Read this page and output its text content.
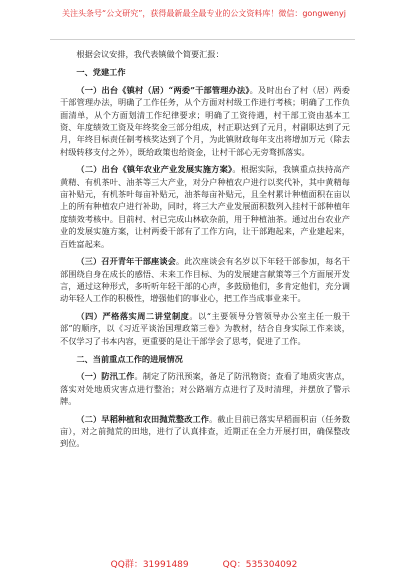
关注头条号“公文研究”，获得最新最全最专业的公文资料库！微信：gongwenyj

根据会议安排，我代表镇做个简要汇报：

一、党建工作

（一）出台《镇村（居）“两委”干部管理办法》。及时出台了村（居）两委干部管理办法，明确了工作任务，从个方面对村级工作进行考核；明确了工作负面清单，从个方面划清工作纪律要求；明确了工资待遇，村干部工资由基本工资、年度绩效工资及年终奖金三部分组成，村正职达到了元月，村副职达到了元月，年终目标责任制考核奖达到了个月，为此镇财政每年支出将增加万元（除去村级转移支付之外），既给政策也给资金，让村干部心无旁骛抓落实。

（二）出台《镇年农业产业发展实施方案》。根据实际，我镇重点扶持高产黄精、有机茶叶、油茶等三大产业，对分户种植农户进行以奖代补，其中黄精每亩补贴元，有机茶叶每亩补贴元，油茶每亩补贴元，且全村累计种植面积在亩以上的所有种植农户进行补助，同时，将三大产业发展面积数列入挂村干部种植年度绩效考核中。目前村、村已完成山林砍杂前，用于种植油茶。通过出台农业产业的发展实施方案，让村两委干部有了工作方向，让干部跑起来，产业建起来，百姓富起来。

（三）召开青年干部座谈会。此次座谈会有名岁以下年轻干部参加，每名干部围绕自身在成长的感悟、未来工作目标、为的发展建言献策等三个方面展开发言，通过这种形式，多听听年轻干部的心声，多鼓励他们，多肯定他们，充分调动年轻人工作的积极性，增强他们的事业心，把工作当成事业来干。

（四）严格落实周二讲堂制度。以“主要领导分管领导办公室主任一般干部”的顺序，以《习近平谈治国理政第三卷》为教材，结合自身实际工作来谈，不仅学习了书本内容，更重要的是让干部学会了思考，促进了工作。

二、当前重点工作的进展情况

（一）防汛工作。制定了防汛预案，备足了防汛物资；查看了地质灾害点，落实对处地质灾害点进行整治；对公路端方点进行了及时清理，并摆放了警示牌。

（二）早稻种植和农田抛荒整改工作。截止目前已落实早稻面积亩（任务数亩），对之前抛荒的田地，进行了认真排查，近期正在全力开展打田，确保整改到位。

QQ群：31991489	QQ：535304092
